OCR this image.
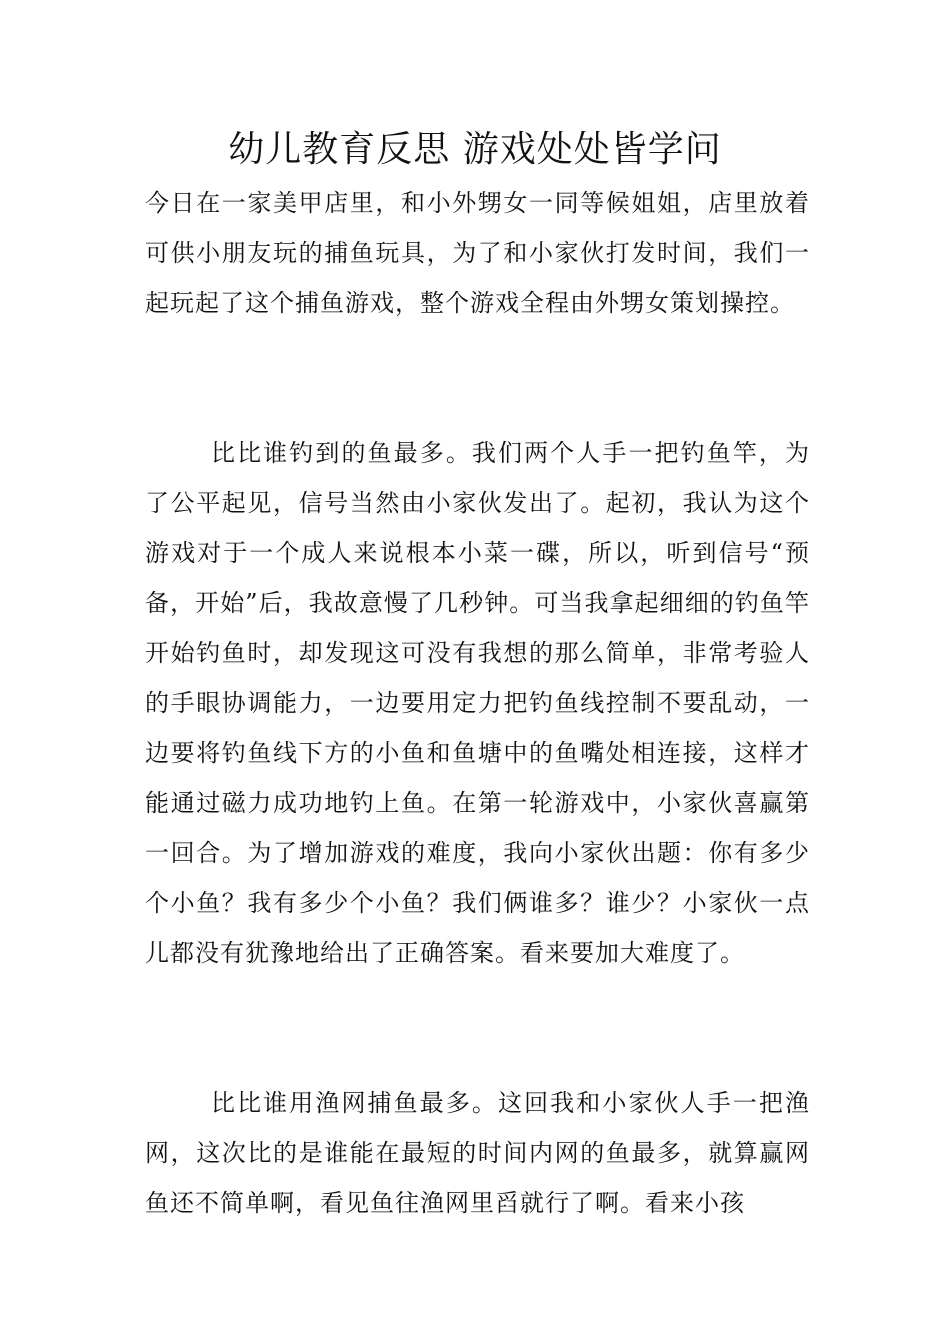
幼儿教育反思 游戏处处皆学问

今日在一家美甲店里，和小外甥女一同等候姐姐，店里放着可供小朋友玩的捕鱼玩具，为了和小家伙打发时间，我们一起玩起了这个捕鱼游戏，整个游戏全程由外甥女策划操控。

比比谁钓到的鱼最多。我们两个人手一把钓鱼竿，为了公平起见，信号当然由小家伙发出了。起初，我认为这个游戏对于一个成人来说根本小菜一碟，所以，听到信号“预备，开始”后，我故意慢了几秒钟。可当我拿起细细的钓鱼竿开始钓鱼时，却发现这可没有我想的那么简单，非常考验人的手眼协调能力，一边要用定力把钓鱼线控制不要乱动，一边要将钓鱼线下方的小鱼和鱼塘中的鱼嘴处相连接，这样才能通过磁力成功地钓上鱼。在第一轮游戏中，小家伙喜赢第一回合。为了增加游戏的难度，我向小家伙出题：你有多少个小鱼？我有多少个小鱼？我们俩谁多？谁少？小家伙一点儿都没有犹豫地给出了正确答案。看来要加大难度了。

比比谁用渔网捕鱼最多。这回我和小家伙人手一把渔网，这次比的是谁能在最短的时间内网的鱼最多，就算赢网鱼还不简单啊，看见鱼往渔网里舀就行了啊。看来小孩
